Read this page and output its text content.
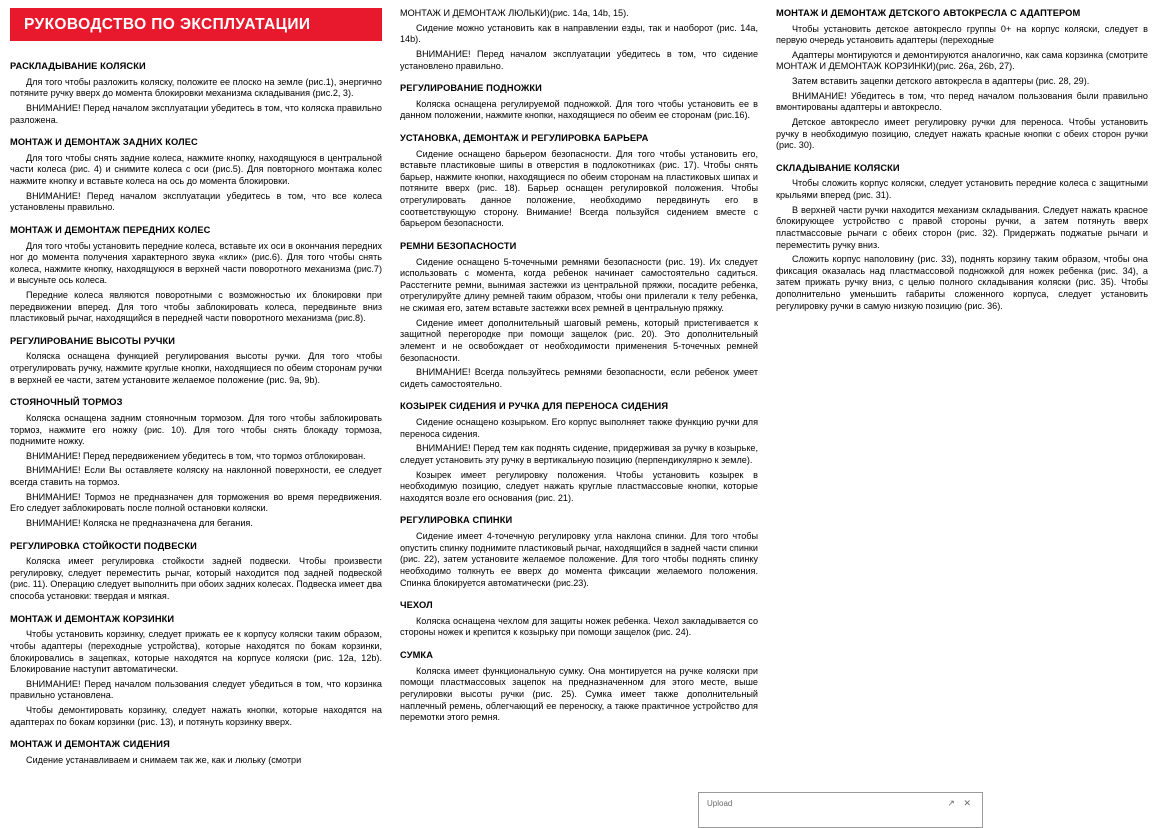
РУКОВОДСТВО ПО ЭКСПЛУАТАЦИИ
РАСКЛАДЫВАНИЕ КОЛЯСКИ

Для того чтобы разложить коляску, положите ее плоско на земле (рис.1), энергично потяните ручку вверх до момента блокировки механизма складывания (рис.2, 3).

ВНИМАНИЕ! Перед началом эксплуатации убедитесь в том, что коляска правильно разложена.

МОНТАЖ И ДЕМОНТАЖ ЗАДНИХ КОЛЕС

Для того чтобы снять задние колеса, нажмите кнопку, находящуюся в центральной части колеса (рис. 4) и снимите колеса с оси (рис.5). Для повторного монтажа колес нажмите кнопку и вставьте колеса на ось до момента блокировки.

ВНИМАНИЕ! Перед началом эксплуатации убедитесь в том, что все колеса установлены правильно.

МОНТАЖ И ДЕМОНТАЖ ПЕРЕДНИХ КОЛЕС

Для того чтобы установить передние колеса, вставьте их оси в окончания передних ног до момента получения характерного звука «клик» (рис.6). Для того чтобы снять колеса, нажмите кнопку, находящуюся в верхней части поворотного механизма (рис.7) и высуньте ось колеса.

Передние колеса являются поворотными с возможностью их блокировки при передвижении вперед. Для того чтобы заблокировать колеса, передвиньте вниз пластиковый рычаг, находящийся в передней части поворотного механизма (рис.8).

РЕГУЛИРОВАНИЕ ВЫСОТЫ РУЧКИ

Коляска оснащена функцией регулирования высоты ручки. Для того чтобы отрегулировать ручку, нажмите круглые кнопки, находящиеся по обеим сторонам ручки в верхней ее части, затем установите желаемое положение (рис. 9a, 9b).

СТОЯНОЧНЫЙ ТОРМОЗ

Коляска оснащена задним стояночным тормозом. Для того чтобы заблокировать тормоз, нажмите его ножку (рис. 10). Для того чтобы снять блокаду тормоза, поднимите ножку.

ВНИМАНИЕ! Перед передвижением убедитесь в том, что тормоз отблокирован.

ВНИМАНИЕ! Если Вы оставляете коляску на наклонной поверхности, ее следует всегда ставить на тормоз.

ВНИМАНИЕ! Тормоз не предназначен для торможения во время передвижения. Его следует заблокировать после полной остановки коляски.

ВНИМАНИЕ! Коляска не предназначена для бегания.

РЕГУЛИРОВКА СТОЙКОСТИ ПОДВЕСКИ

Коляска имеет регулировка стойкости задней подвески. Чтобы произвести регулировку, следует переместить рычаг, который находится под задней подвеской (рис. 11). Операцию следует выполнить при обоих задних колесах. Подвеска имеет два способа установки: твердая и мягкая.

МОНТАЖ И ДЕМОНТАЖ КОРЗИНКИ

Чтобы установить корзинку, следует прижать ее к корпусу коляски таким образом, чтобы адаптеры (переходные устройства), которые находятся по бокам корзинки, блокировались в зацепках, которые находятся на корпусе коляски (рис. 12a, 12b). Блокирование наступит автоматически.

ВНИМАНИЕ! Перед началом пользования следует убедиться в том, что корзинка правильно установлена.

Чтобы демонтировать корзинку, следует нажать кнопки, которые находятся на адаптерах по бокам корзинки (рис. 13), и потянуть корзинку вверх.

МОНТАЖ И ДЕМОНТАЖ СИДЕНИЯ

Сидение устанавливаем и снимаем так же, как и люльку (смотри

МОНТАЖ И ДЕМОНТАЖ ЛЮЛЬКИ)(рис. 14a, 14b, 15).

Сидение можно установить как в направлении езды, так и наоборот (рис. 14a, 14b).

ВНИМАНИЕ! Перед началом эксплуатации убедитесь в том, что сидение установлено правильно.

РЕГУЛИРОВАНИЕ ПОДНОЖКИ

Коляска оснащена регулируемой подножкой. Для того чтобы установить ее в данном положении, нажмите кнопки, находящиеся по обеим ее сторонам (рис.16).

УСТАНОВКА, ДЕМОНТАЖ И РЕГУЛИРОВКА БАРЬЕРА

Сидение оснащено барьером безопасности. Для того чтобы установить его, вставьте пластиковые шипы в отверстия в подлокотниках (рис. 17). Чтобы снять барьер, нажмите кнопки, находящиеся по обеим сторонам на пластиковых шипах и потяните вверх (рис. 18). Барьер оснащен регулировкой положения. Чтобы отрегулировать данное положение, необходимо передвинуть его в соответствующую сторону. Внимание! Всегда пользуйся сидением вместе с барьером безопасности.

РЕМНИ БЕЗОПАСНОСТИ

Сидение оснащено 5-точечными ремнями безопасности (рис. 19). Их следует использовать с момента, когда ребенок начинает самостоятельно садиться. Расстегните ремни, вынимая застежки из центральной пряжки, посадите ребенка, отрегулируйте длину ремней таким образом, чтобы они прилегали к телу ребенка, не сжимая его, затем вставьте застежки всех ремней в центральную пряжку.

Сидение имеет дополнительный шаговый ремень, который пристегивается к защитной перегородке при помощи защелок (рис. 20). Это дополнительный элемент и не освобождает от необходимости применения 5-точечных ремней безопасности.

ВНИМАНИЕ! Всегда пользуйтесь ремнями безопасности, если ребенок умеет сидеть самостоятельно.

КОЗЫРЕК СИДЕНИЯ И РУЧКА ДЛЯ ПЕРЕНОСА СИДЕНИЯ

Сидение оснащено козырьком. Его корпус выполняет также функцию ручки для переноса сидения.

ВНИМАНИЕ! Перед тем как поднять сидение, придерживая за ручку в козырьке, следует установить эту ручку в вертикальную позицию (перпендикулярно к земле).

Козырек имеет регулировку положения. Чтобы установить козырек в необходимую позицию, следует нажать круглые пластмассовые кнопки, которые находятся возле его основания (рис. 21).

РЕГУЛИРОВКА СПИНКИ

Сидение имеет 4-точечную регулировку угла наклона спинки. Для того чтобы опустить спинку поднимите пластиковый рычаг, находящийся в задней части спинки (рис. 22), затем установите желаемое положение. Для того чтобы поднять спинку необходимо толкнуть ее вверх до момента фиксации желаемого положения. Спинка блокируется автоматически (рис.23).

ЧЕХОЛ

Коляска оснащена чехлом для защиты ножек ребенка. Чехол закладывается со стороны ножек и крепится к козырьку при помощи защелок (рис. 24).

СУМКА

Коляска имеет функциональную сумку. Она монтируется на ручке коляски при помощи пластмассовых зацепок на предназначенном для этого месте, выше регулировки высоты ручки (рис. 25). Сумка имеет также дополнительный наплечный ремень, облегчающий ее переноску, а также практичное устройство для перемотки этого ремня.

МОНТАЖ И ДЕМОНТАЖ ДЕТСКОГО АВТОКРЕСЛА С АДАПТЕРОМ

Чтобы установить детское автокресло группы 0+ на корпус коляски, следует в первую очередь установить адаптеры (переходные

Адаптеры монтируются и демонтируются аналогично, как сама корзинка (смотрите МОНТАЖ И ДЕМОНТАЖ КОРЗИНКИ)(рис. 26a, 26b, 27).

Затем вставить зацепки детского автокресла в адаптеры (рис. 28, 29).

ВНИМАНИЕ! Убедитесь в том, что перед началом пользования были правильно вмонтированы адаптеры и автокресло.

Детское автокресло имеет регулировку ручки для переноса. Чтобы установить ручку в необходимую позицию, следует нажать красные кнопки с обеих сторон ручки (рис. 30).

СКЛАДЫВАНИЕ КОЛЯСКИ

Чтобы сложить корпус коляски, следует установить передние колеса с защитными крыльями вперед (рис. 31).

В верхней части ручки находится механизм складывания. Следует нажать красное блокирующее устройство с правой стороны ручки, а затем потянуть вверх пластмассовые рычаги с обеих сторон (рис. 32). Придержать поджатые рычаги и переместить ручку вниз.

Сложить корпус наполовину (рис. 33), поднять корзину таким образом, чтобы она фиксация оказалась над пластмассовой подножкой для ножек ребенка (рис. 34), а затем прижать ручку вниз, с целью полного складывания коляски (рис. 35). Чтобы дополнительно уменьшить габариты сложенного корпуса, следует установить регулировку ручки в самую низкую позицию (рис. 36).

Upload	↗ ✕
